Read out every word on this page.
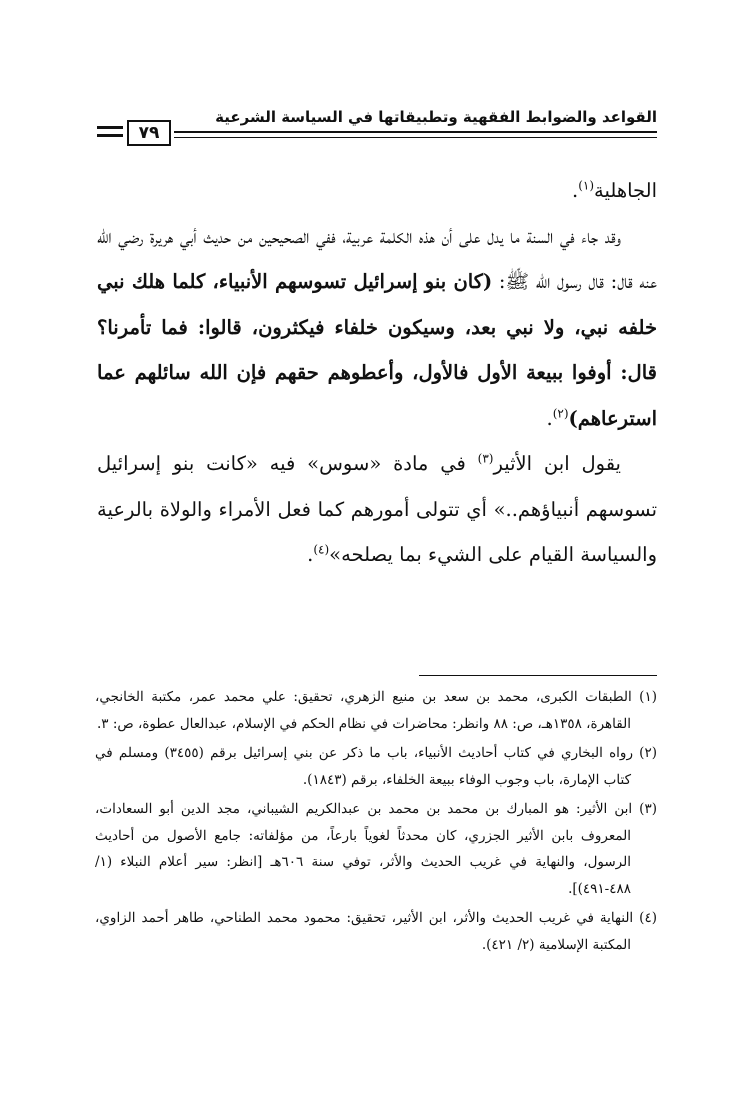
القواعد والضوابط الفقهية وتطبيقاتها في السياسة الشرعية
٧٩

الجاهلية$^{(١)}$.

وقد جاء في السنة ما يدل على أن هذه الكلمة عربية، ففي الصحيحين من حديث أبي هريرة رضي الله عنه قال: قال رسول الله ﷺ: (كان بنو إسرائيل تسوسهم الأنبياء، كلما هلك نبي خلفه نبي، ولا نبي بعد، وسيكون خلفاء فيكثرون، قالوا: فما تأمرنا؟ قال: أوفوا ببيعة الأول فالأول، وأعطوهم حقهم فإن الله سائلهم عما استرعاهم)$^{(٢)}$.

يقول ابن الأثير$^{(٣)}$ في مادة «سوس» فيه «كانت بنو إسرائيل تسوسهم أنبياؤهم..» أي تتولى أمورهم كما فعل الأمراء والولاة بالرعية والسياسة القيام على الشيء بما يصلحه»$^{(٤)}$.

(١) الطبقات الكبرى، محمد بن سعد بن منيع الزهري، تحقيق: علي محمد عمر، مكتبة الخانجي، القاهرة، ١٣٥٨هـ، ص: ٨٨ وانظر: محاضرات في نظام الحكم في الإسلام، عبدالعال عطوة، ص: ٣.

(٢) رواه البخاري في كتاب أحاديث الأنبياء، باب ما ذكر عن بني إسرائيل برقم (٣٤٥٥) ومسلم في كتاب الإمارة، باب وجوب الوفاء ببيعة الخلفاء، برقم (١٨٤٣).

(٣) ابن الأثير: هو المبارك بن محمد بن محمد بن عبدالكريم الشيباني، مجد الدين أبو السعادات، المعروف بابن الأثير الجزري، كان محدثاً لغوياً بارعاً، من مؤلفاته: جامع الأصول من أحاديث الرسول، والنهاية في غريب الحديث والأثر، توفي سنة ٦٠٦هـ [انظر: سير أعلام النبلاء (١/ ٤٨٨-٤٩١)].

(٤) النهاية في غريب الحديث والأثر، ابن الأثير، تحقيق: محمود محمد الطناحي، طاهر أحمد الزاوي، المكتبة الإسلامية (٢/ ٤٢١).
